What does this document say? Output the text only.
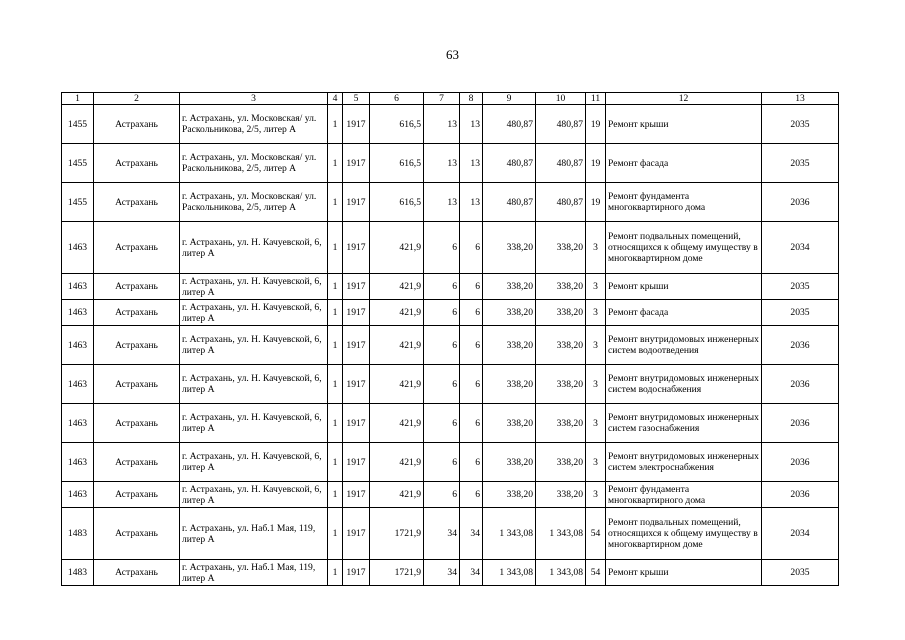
63
1	2	3	4	5	6	7	8	9	10	11	12	13
1455	Астрахань	г. Астрахань, ул. Московская/ ул. Раскольникова, 2/5, литер А	1	1917	616,5	13	13	480,87	480,87	19	Ремонт крыши	2035
1455	Астрахань	г. Астрахань, ул. Московская/ ул. Раскольникова, 2/5, литер А	1	1917	616,5	13	13	480,87	480,87	19	Ремонт фасада	2035
1455	Астрахань	г. Астрахань, ул. Московская/ ул. Раскольникова, 2/5, литер А	1	1917	616,5	13	13	480,87	480,87	19	Ремонт фундамента многоквартирного дома	2036
1463	Астрахань	г. Астрахань, ул. Н. Качуевской, 6, литер А	1	1917	421,9	6	6	338,20	338,20	3	Ремонт подвальных помещений, относящихся к общему имуществу в многоквартирном доме	2034
1463	Астрахань	г. Астрахань, ул. Н. Качуевской, 6, литер А	1	1917	421,9	6	6	338,20	338,20	3	Ремонт крыши	2035
1463	Астрахань	г. Астрахань, ул. Н. Качуевской, 6, литер А	1	1917	421,9	6	6	338,20	338,20	3	Ремонт фасада	2035
1463	Астрахань	г. Астрахань, ул. Н. Качуевской, 6, литер А	1	1917	421,9	6	6	338,20	338,20	3	Ремонт внутридомовых инженерных систем водоотведения	2036
1463	Астрахань	г. Астрахань, ул. Н. Качуевской, 6, литер А	1	1917	421,9	6	6	338,20	338,20	3	Ремонт внутридомовых инженерных систем водоснабжения	2036
1463	Астрахань	г. Астрахань, ул. Н. Качуевской, 6, литер А	1	1917	421,9	6	6	338,20	338,20	3	Ремонт внутридомовых инженерных систем газоснабжения	2036
1463	Астрахань	г. Астрахань, ул. Н. Качуевской, 6, литер А	1	1917	421,9	6	6	338,20	338,20	3	Ремонт внутридомовых инженерных систем электроснабжения	2036
1463	Астрахань	г. Астрахань, ул. Н. Качуевской, 6, литер А	1	1917	421,9	6	6	338,20	338,20	3	Ремонт фундамента многоквартирного дома	2036
1483	Астрахань	г. Астрахань, ул. Наб.1 Мая, 119, литер А	1	1917	1721,9	34	34	1 343,08	1 343,08	54	Ремонт подвальных помещений, относящихся к общему имуществу в многоквартирном доме	2034
1483	Астрахань	г. Астрахань, ул. Наб.1 Мая, 119, литер А	1	1917	1721,9	34	34	1 343,08	1 343,08	54	Ремонт крыши	2035
